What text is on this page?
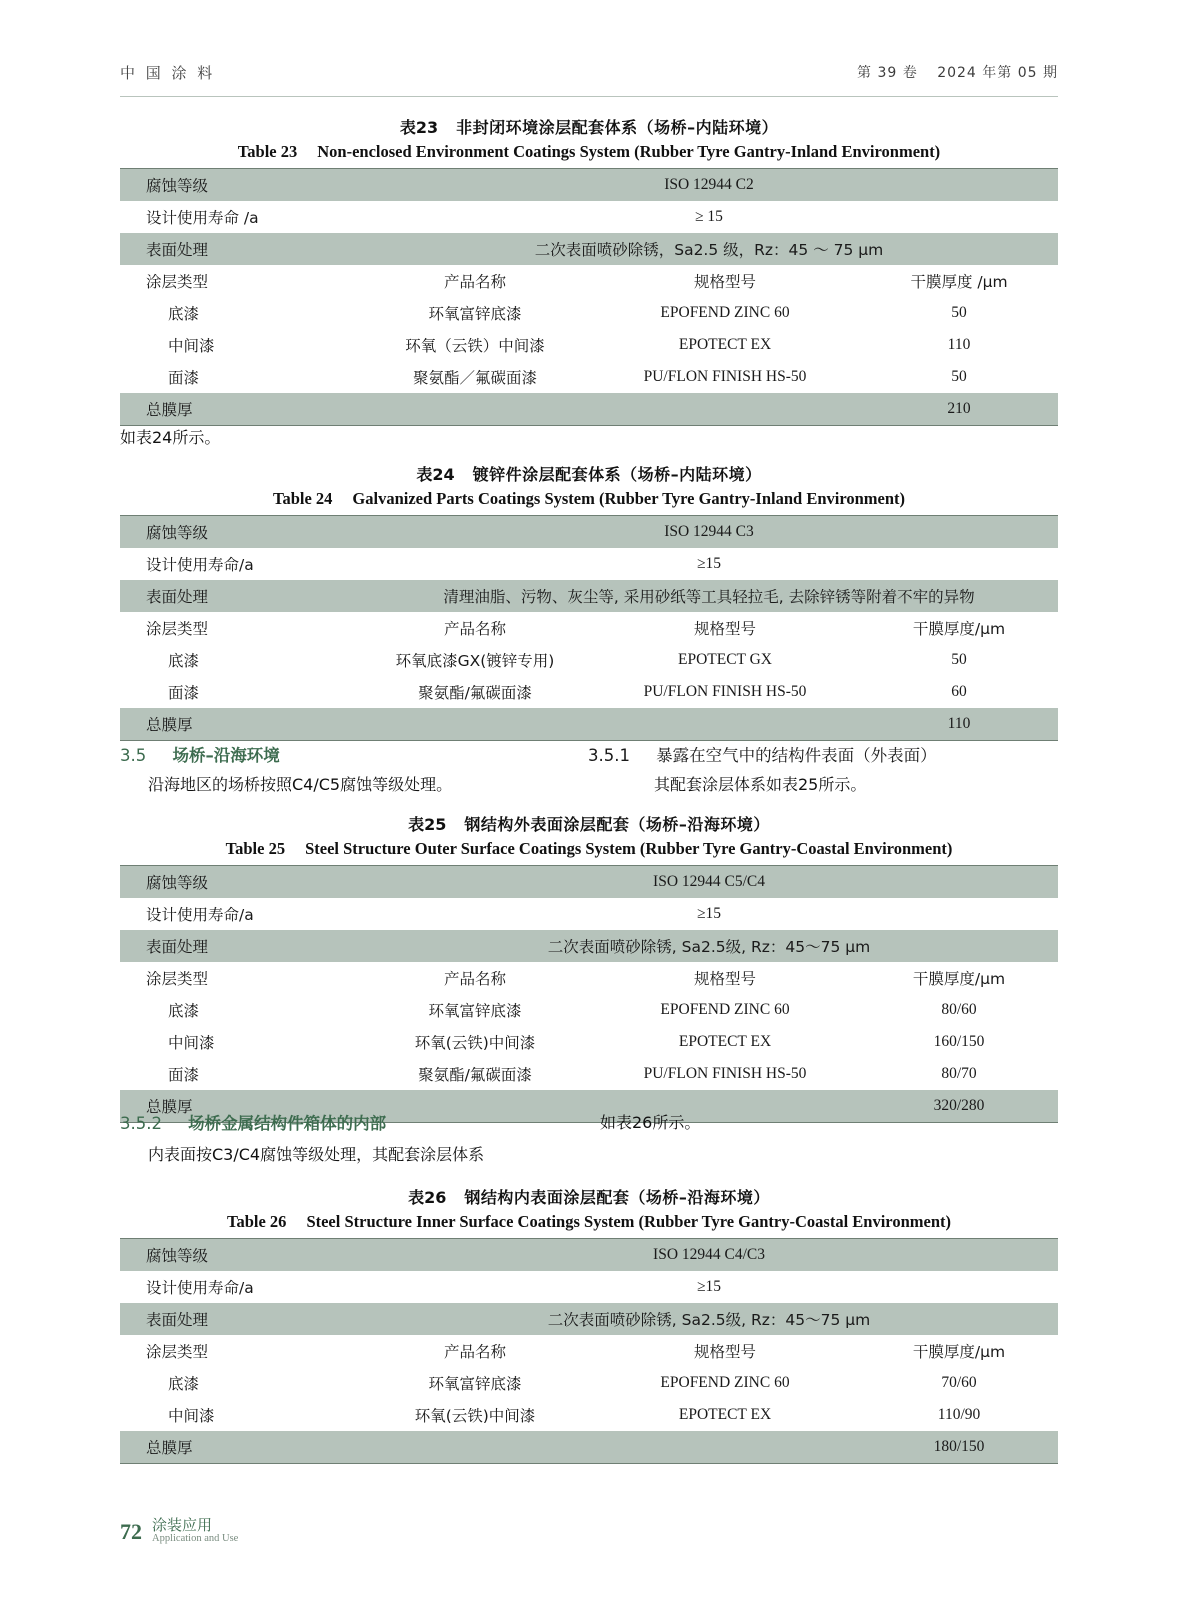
中 国 涂 料	第 39 卷 2024 年第 05 期
表23 非封闭环境涂层配套体系（场桥–内陆环境）
Table 23 Non-enclosed Environment Coatings System (Rubber Tyre Gantry-Inland Environment)
腐蚀等级	ISO 12944 C2		
设计使用寿命 /a	≥ 15		
表面处理	二次表面喷砂除锈，Sa2.5 级，Rz：45 ～ 75 μm		
涂层类型	产品名称	规格型号	干膜厚度 /μm
底漆	环氧富锌底漆	EPOFEND ZINC 60	50
中间漆	环氧（云铁）中间漆	EPOTECT EX	110
面漆	聚氨酯／氟碳面漆	PU/FLON FINISH HS-50	50
总膜厚			210
如表24所示。
表24 镀锌件涂层配套体系（场桥–内陆环境）
Table 24 Galvanized Parts Coatings System (Rubber Tyre Gantry-Inland Environment)
腐蚀等级	ISO 12944 C3		
设计使用寿命/a	≥15		
表面处理	清理油脂、污物、灰尘等, 采用砂纸等工具轻拉毛, 去除锌锈等附着不牢的异物		
涂层类型	产品名称	规格型号	干膜厚度/μm
底漆	环氧底漆GX(镀锌专用)	EPOTECT GX	50
面漆	聚氨酯/氟碳面漆	PU/FLON FINISH HS-50	60
总膜厚			110
3.5 场桥–沿海环境
沿海地区的场桥按照C4/C5腐蚀等级处理。
3.5.1 暴露在空气中的结构件表面（外表面）
其配套涂层体系如表25所示。
表25 钢结构外表面涂层配套（场桥–沿海环境）
Table 25 Steel Structure Outer Surface Coatings System (Rubber Tyre Gantry-Coastal Environment)
腐蚀等级	ISO 12944 C5/C4		
设计使用寿命/a	≥15		
表面处理	二次表面喷砂除锈, Sa2.5级, Rz：45～75 μm		
涂层类型	产品名称	规格型号	干膜厚度/μm
底漆	环氧富锌底漆	EPOFEND ZINC 60	80/60
中间漆	环氧(云铁)中间漆	EPOTECT EX	160/150
面漆	聚氨酯/氟碳面漆	PU/FLON FINISH HS-50	80/70
总膜厚			320/280
3.5.2 场桥金属结构件箱体的内部	如表26所示。
内表面按C3/C4腐蚀等级处理，其配套涂层体系
表26 钢结构内表面涂层配套（场桥–沿海环境）
Table 26 Steel Structure Inner Surface Coatings System (Rubber Tyre Gantry-Coastal Environment)
腐蚀等级	ISO 12944 C4/C3		
设计使用寿命/a	≥15		
表面处理	二次表面喷砂除锈, Sa2.5级, Rz：45～75 μm		
涂层类型	产品名称	规格型号	干膜厚度/μm
底漆	环氧富锌底漆	EPOFEND ZINC 60	70/60
中间漆	环氧(云铁)中间漆	EPOTECT EX	110/90
总膜厚			180/150
72 涂装应用
Application and Use
